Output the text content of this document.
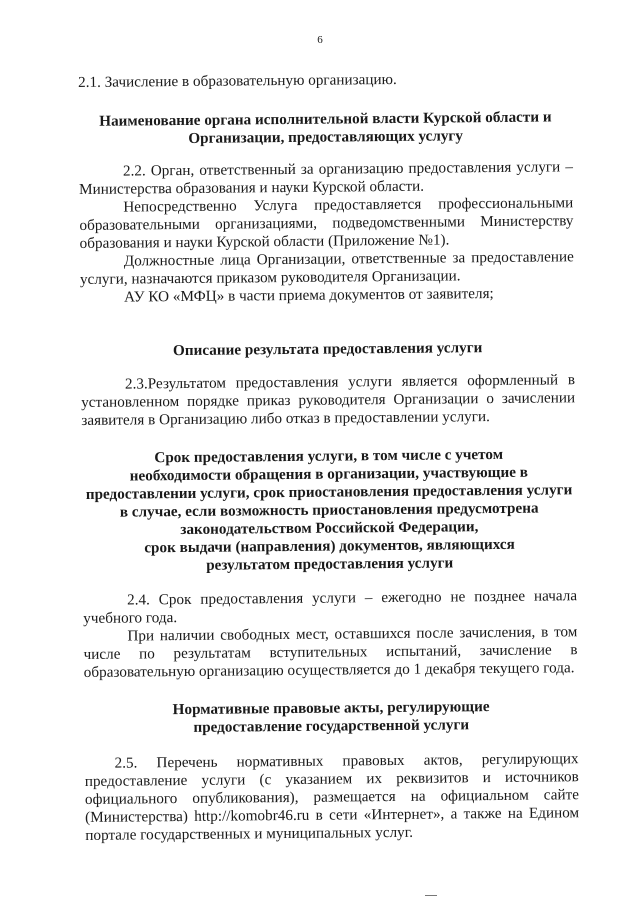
6

2.1. Зачисление в образовательную организацию.

Наименование органа исполнительной власти Курской области и
Организации, предоставляющих услугу

2.2. Орган, ответственный за организацию предоставления услуги – Министерства образования и науки Курской области.

Непосредственно Услуга предоставляется профессиональными образовательными организациями, подведомственными Министерству образования и науки Курской области (Приложение №1).

Должностные лица Организации, ответственные за предоставление услуги, назначаются приказом руководителя Организации.

АУ КО «МФЦ» в части приема документов от заявителя;

Описание результата предоставления услуги

2.3.Результатом предоставления услуги является оформленный в установленном порядке приказ руководителя Организации о зачислении заявителя в Организацию либо отказ в предоставлении услуги.

Срок предоставления услуги, в том числе с учетом
необходимости обращения в организации, участвующие в
предоставлении услуги, срок приостановления предоставления услуги
в случае, если возможность приостановления предусмотрена
законодательством Российской Федерации,
срок выдачи (направления) документов, являющихся
результатом предоставления услуги

2.4. Срок предоставления услуги – ежегодно не позднее начала учебного года.

При наличии свободных мест, оставшихся после зачисления, в том числе по результатам вступительных испытаний, зачисление в образовательную организацию осуществляется до 1 декабря текущего года.

Нормативные правовые акты, регулирующие
предоставление государственной услуги

2.5. Перечень нормативных правовых актов, регулирующих предоставление услуги (с указанием их реквизитов и источников официального опубликования), размещается на официальном сайте (Министерства) http://komobr46.ru в сети «Интернет», а также на Едином портале государственных и муниципальных услуг.
